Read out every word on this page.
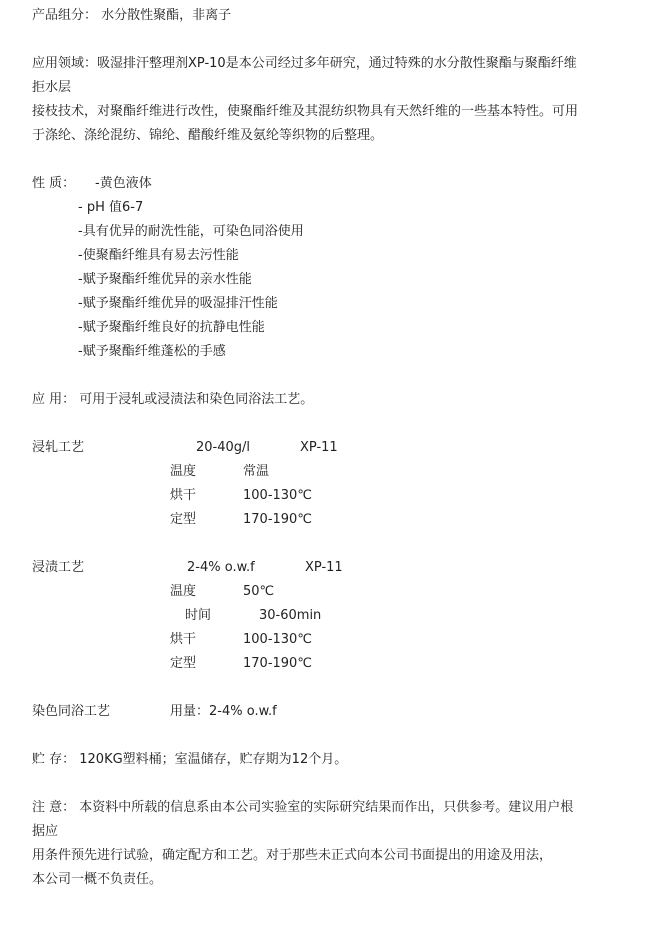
产品组分： 水分散性聚酯，非离子
应用领域：吸湿排汗整理剂XP-10是本公司经过多年研究，通过特殊的水分散性聚酯与聚酯纤维
拒水层
接枝技术，对聚酯纤维进行改性，使聚酯纤维及其混纺织物具有天然纤维的一些基本特性。可用
于涤纶、涤纶混纺、锦纶、醋酸纤维及氨纶等织物的后整理。
性 质： -黄色液体
- pH 值6-7
-具有优异的耐洗性能，可染色同浴使用
-使聚酯纤维具有易去污性能
-赋予聚酯纤维优异的亲水性能
-赋予聚酯纤维优异的吸湿排汗性能
-赋予聚酯纤维良好的抗静电性能
-赋予聚酯纤维蓬松的手感
应 用： 可用于浸轧或浸渍法和染色同浴法工艺。
浸轧工艺	20-40g/l	XP-11
温度	常温
烘干	100-130℃
定型	170-190℃
浸渍工艺	2-4% o.w.f	XP-11
温度	50℃
时间	30-60min
烘干	100-130℃
定型	170-190℃
染色同浴工艺	用量：2-4% o.w.f
贮 存： 120KG塑料桶；室温储存，贮存期为12个月。
注 意： 本资料中所载的信息系由本公司实验室的实际研究结果而作出，只供参考。建议用户根
据应
用条件预先进行试验，确定配方和工艺。对于那些未正式向本公司书面提出的用途及用法，
本公司一概不负责任。
